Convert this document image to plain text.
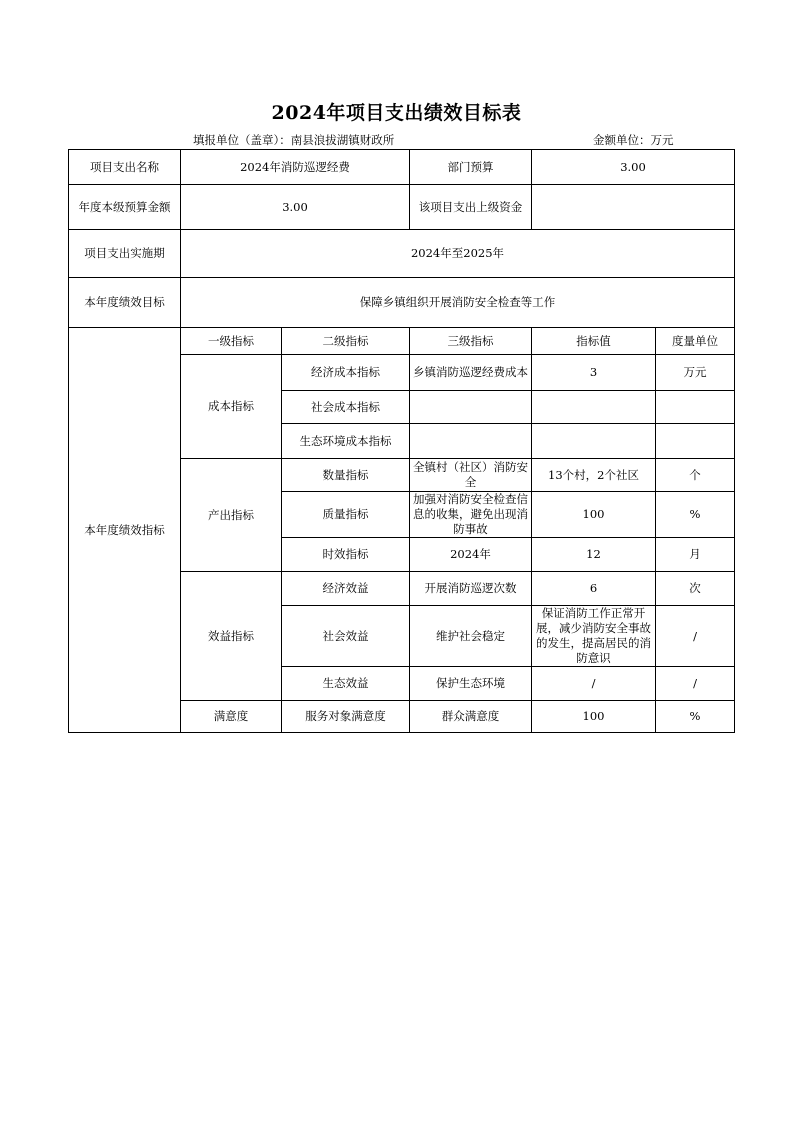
2024年项目支出绩效目标表
填报单位（盖章）：南县浪拔湖镇财政所	金额单位：万元
项目支出名称	2024年消防巡逻经费		部门预算	3.00	
年度本级预算金额	3.00		该项目支出上级资金		
项目支出实施期	2024年至2025年				
本年度绩效目标	保障乡镇组织开展消防安全检查等工作				
本年度绩效指标	一级指标	二级指标	三级指标	指标值	度量单位
	成本指标	经济成本指标	乡镇消防巡逻经费成本	3	万元
		社会成本指标			
		生态环境成本指标			
	产出指标	数量指标	全镇村（社区）消防安全	13个村，2个社区	个
		质量指标	加强对消防安全检查信息的收集，避免出现消防事故	100	%
		时效指标	2024年	12	月
	效益指标	经济效益	开展消防巡逻次数	6	次
		社会效益	维护社会稳定	保证消防工作正常开展，减少消防安全事故的发生，提高居民的消防意识	/
		生态效益	保护生态环境	/	/
	满意度	服务对象满意度	群众满意度	100	%
